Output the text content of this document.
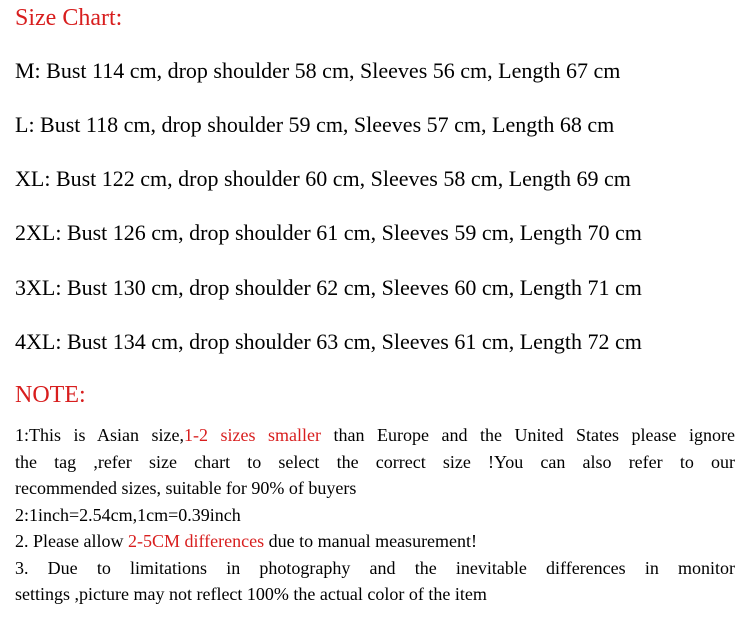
Size Chart:
M: Bust 114 cm, drop shoulder 58 cm, Sleeves 56 cm, Length 67 cm
L: Bust 118 cm, drop shoulder 59 cm, Sleeves 57 cm, Length 68 cm
XL: Bust 122 cm, drop shoulder 60 cm, Sleeves 58 cm, Length 69 cm
2XL: Bust 126 cm, drop shoulder 61 cm, Sleeves 59 cm, Length 70 cm
3XL: Bust 130 cm, drop shoulder 62 cm, Sleeves 60 cm, Length 71 cm
4XL: Bust 134 cm, drop shoulder 63 cm, Sleeves 61 cm, Length 72 cm
NOTE:
1:This is Asian size,1-2 sizes smaller than Europe and the United States please ignore
the tag ,refer size chart to select the correct size !You can also refer to our
recommended sizes, suitable for 90% of buyers
2:1inch=2.54cm,1cm=0.39inch
2. Please allow 2-5CM differences due to manual measurement!
3. Due to limitations in photography and the inevitable differences in monitor
settings ,picture may not reflect 100% the actual color of the item
